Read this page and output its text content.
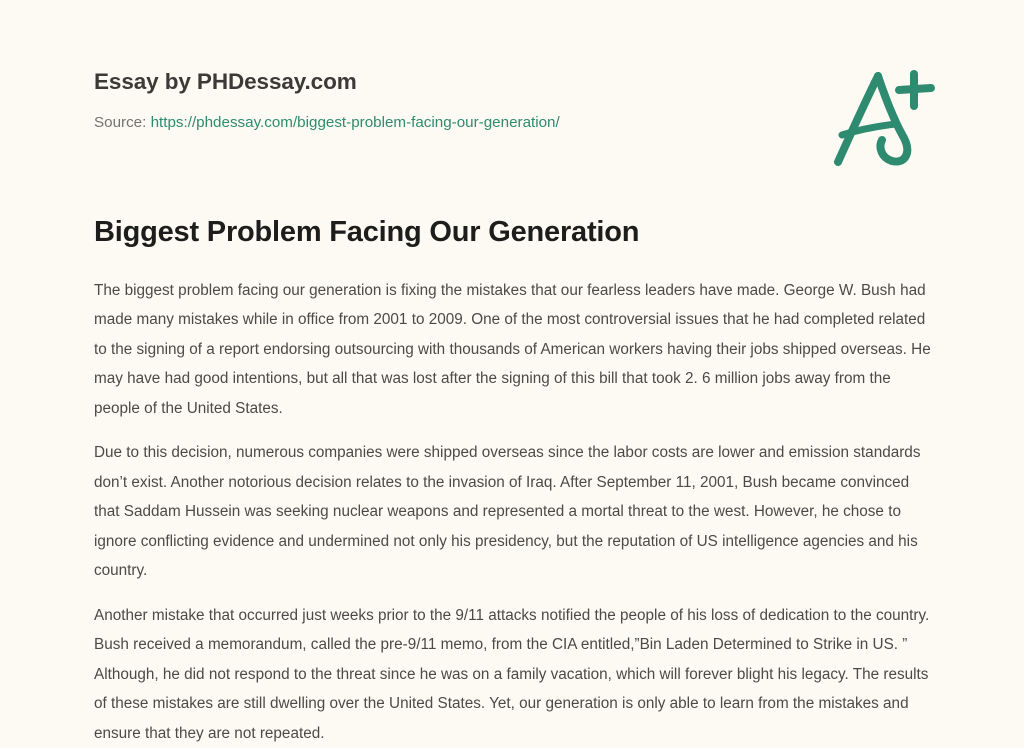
Essay by PHDessay.com
Source: https://phdessay.com/biggest-problem-facing-our-generation/
Biggest Problem Facing Our Generation

The biggest problem facing our generation is fixing the mistakes that our fearless leaders have made. George W. Bush had made many mistakes while in office from 2001 to 2009. One of the most controversial issues that he had completed related to the signing of a report endorsing outsourcing with thousands of American workers having their jobs shipped overseas. He may have had good intentions, but all that was lost after the signing of this bill that took 2. 6 million jobs away from the people of the United States.

Due to this decision, numerous companies were shipped overseas since the labor costs are lower and emission standards don’t exist. Another notorious decision relates to the invasion of Iraq. After September 11, 2001, Bush became convinced that Saddam Hussein was seeking nuclear weapons and represented a mortal threat to the west. However, he chose to ignore conflicting evidence and undermined not only his presidency, but the reputation of US intelligence agencies and his country.

Another mistake that occurred just weeks prior to the 9/11 attacks notified the people of his loss of dedication to the country. Bush received a memorandum, called the pre-9/11 memo, from the CIA entitled,”Bin Laden Determined to Strike in US. ” Although, he did not respond to the threat since he was on a family vacation, which will forever blight his legacy. The results of these mistakes are still dwelling over the United States. Yet, our generation is only able to learn from the mistakes and ensure that they are not repeated.
